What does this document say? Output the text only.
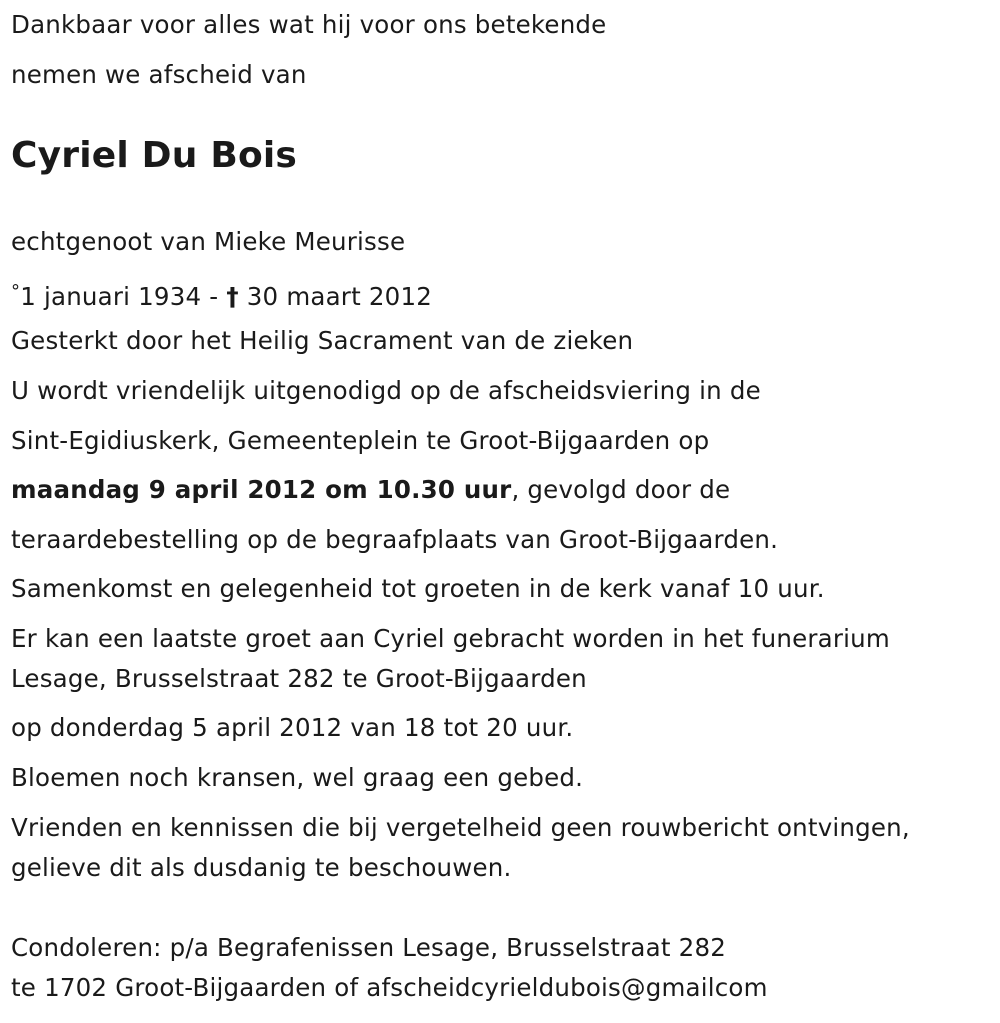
Dankbaar voor alles wat hij voor ons betekende
nemen we afscheid van
Cyriel Du Bois
echtgenoot van Mieke Meurisse
°1 januari 1934 - † 30 maart 2012
Gesterkt door het Heilig Sacrament van de zieken
U wordt vriendelijk uitgenodigd op de afscheidsviering in de
Sint-Egidiuskerk, Gemeenteplein te Groot-Bijgaarden op
maandag 9 april 2012 om 10.30 uur, gevolgd door de
teraardebestelling op de begraafplaats van Groot-Bijgaarden.
Samenkomst en gelegenheid tot groeten in de kerk vanaf 10 uur.
Er kan een laatste groet aan Cyriel gebracht worden in het funerarium
Lesage, Brusselstraat 282 te Groot-Bijgaarden
op donderdag 5 april 2012 van 18 tot 20 uur.
Bloemen noch kransen, wel graag een gebed.
Vrienden en kennissen die bij vergetelheid geen rouwbericht ontvingen,
gelieve dit als dusdanig te beschouwen.
Condoleren: p/a Begrafenissen Lesage, Brusselstraat 282
te 1702 Groot-Bijgaarden of afscheidcyrieldubois@gmailcom
